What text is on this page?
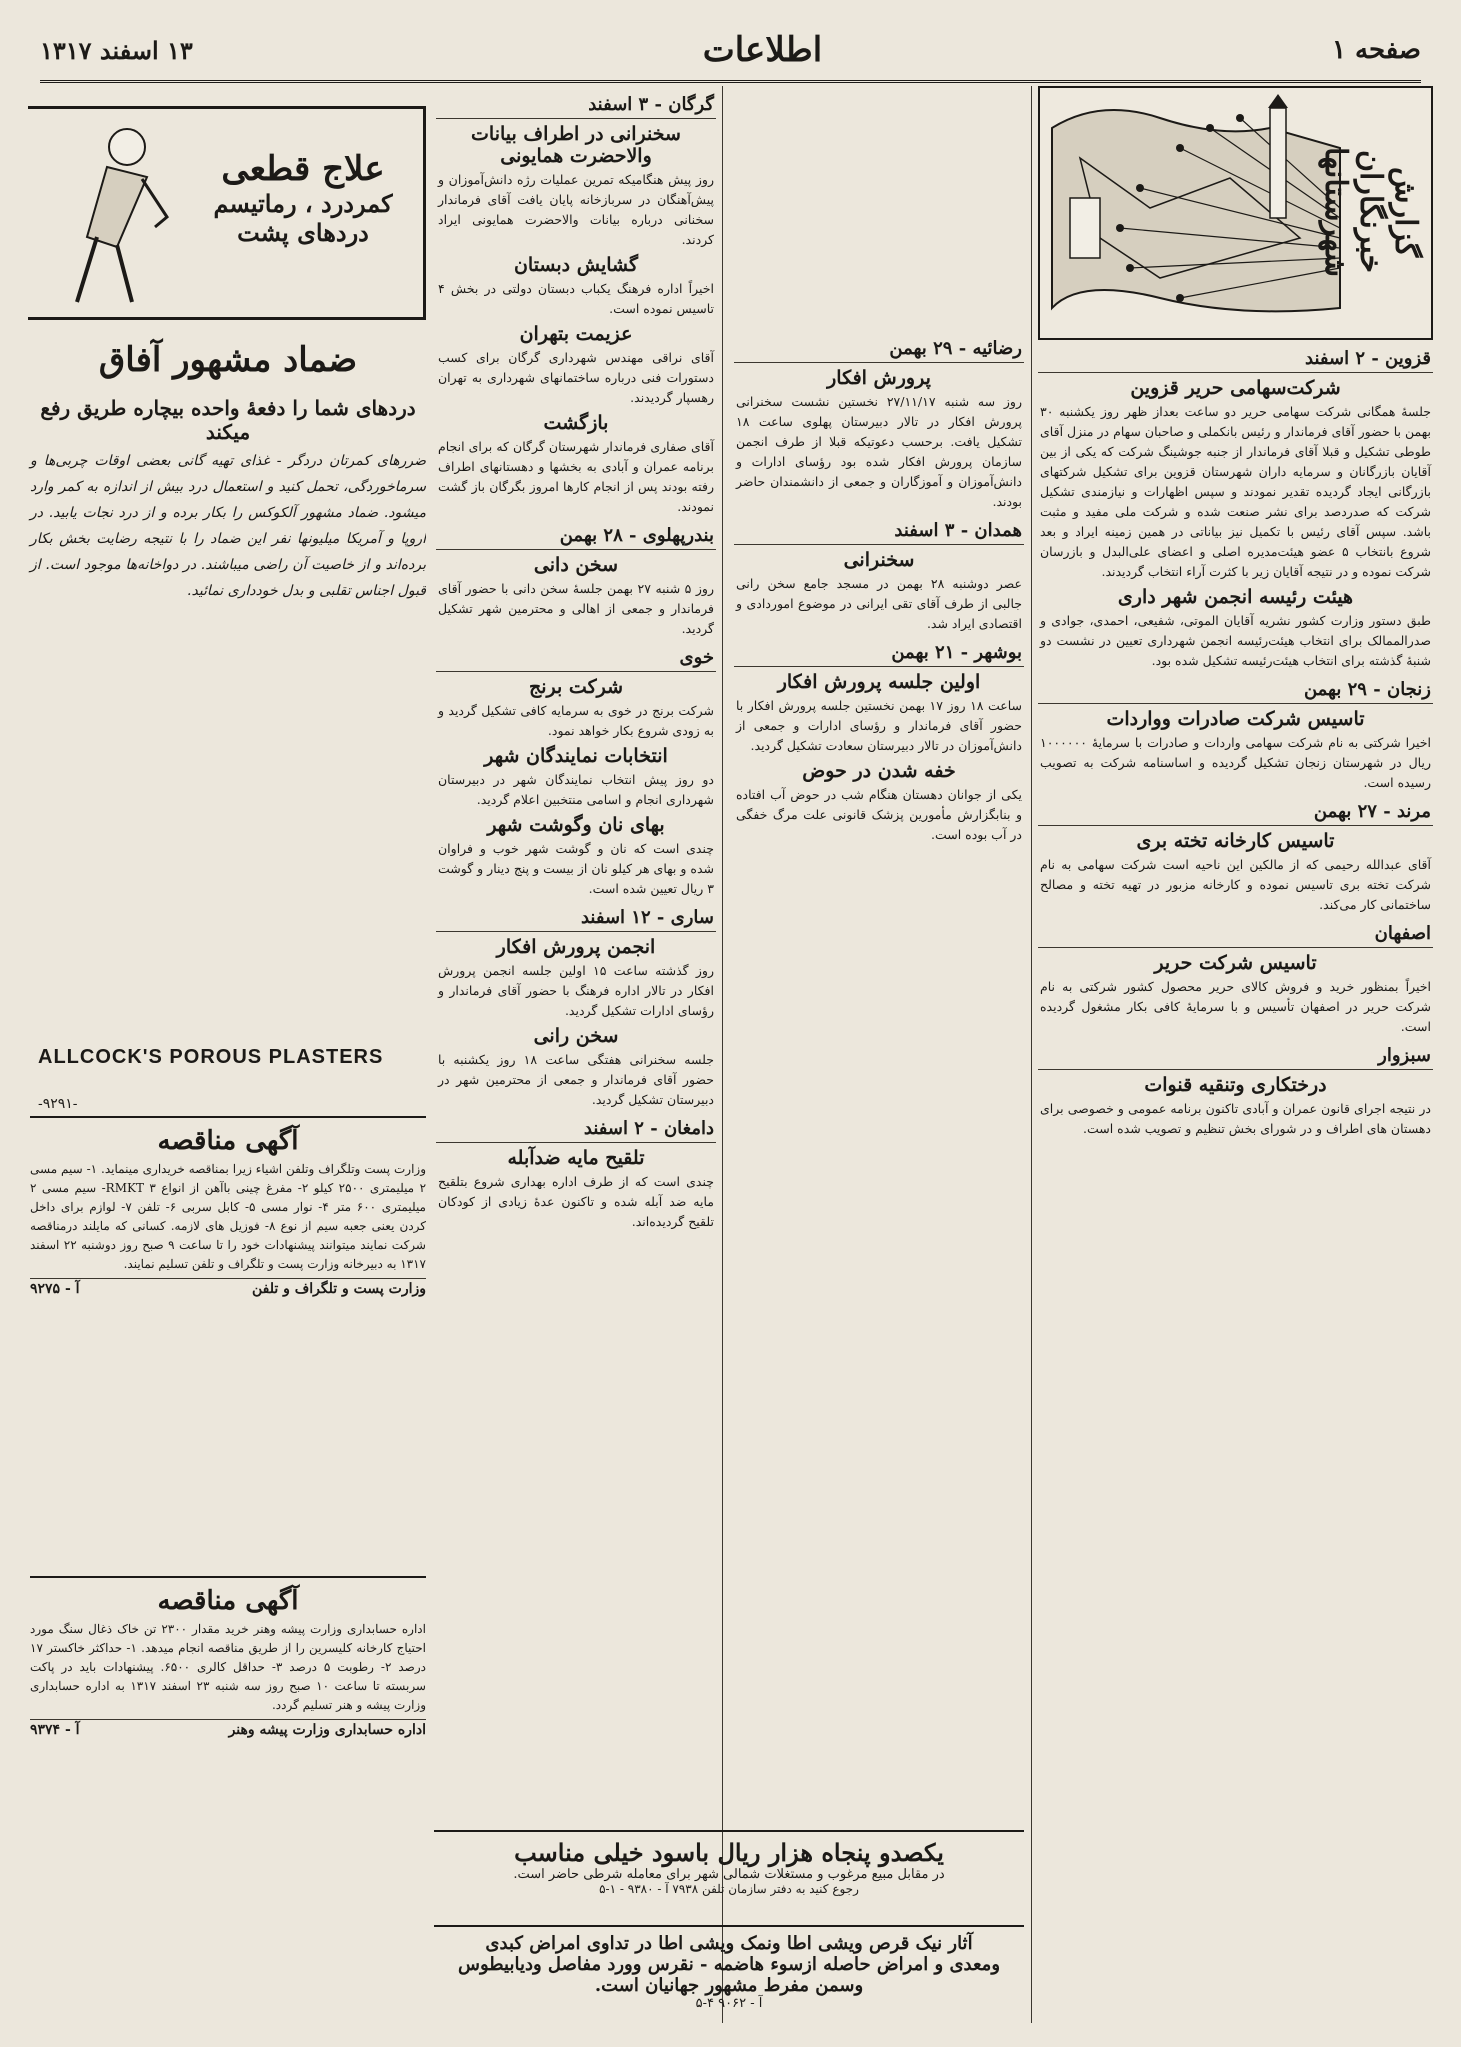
صفحه ۱
اطلاعات
۱۳ اسفند ۱۳۱۷
گزارش خبرنگاران شهرستانها
قزوین - ۲ اسفند
شرکت‌سهامی حریر قزوین
جلسهٔ همگانی شرکت سهامی حریر دو ساعت بعداز ظهر روز یکشنبه ۳۰ بهمن با حضور آقای فرماندار و رئیس بانکملی و صاحبان سهام در منزل آقای طوطی تشکیل و قبلا آقای فرماندار از جنبه جوشینگ شرکت که یکی از بین آقایان بازرگانان و سرمایه داران شهرستان قزوین برای تشکیل شرکتهای بازرگانی ایجاد گردیده تقدیر نمودند و سپس اظهارات و نیازمندی تشکیل شرکت که صدردصد برای نشر صنعت شده و شرکت ملی مفید و مثبت باشد. سپس آقای رئیس با تکمیل نیز بیاناتی در همین زمینه ایراد و بعد شروع بانتخاب ۵ عضو هیئت‌مدیره اصلی و اعضای علی‌البدل و بازرسان شرکت نموده و در نتیجه آقایان زیر با کثرت آراء انتخاب گردیدند.
هیئت رئیسه انجمن شهر داری
طبق دستور وزارت کشور نشریه آقایان الموتی، شفیعی، احمدی، جوادی و صدرالممالک برای انتخاب هیئت‌رئیسه انجمن شهرداری تعیین در نشست دو شنبهٔ گذشته برای انتخاب هیئت‌رئیسه تشکیل شده بود.
زنجان - ۲۹ بهمن
تاسیس شرکت صادرات وواردات
اخیرا شرکتی به نام شرکت سهامی واردات و صادرات با سرمایهٔ ۱۰۰۰۰۰۰ ریال در شهرستان زنجان تشکیل گردیده و اساسنامه شرکت به تصویب رسیده است.
مرند - ۲۷ بهمن
تاسیس کارخانه تخته بری
آقای عبدالله رحیمی که از مالکین این ناحیه است شرکت سهامی به نام شرکت تخته بری تاسیس نموده و کارخانه مزبور در تهیه تخته و مصالح ساختمانی کار می‌کند.
اصفهان
تاسیس شرکت حریر
اخیراً بمنظور خرید و فروش کالای حریر محصول کشور شرکتی به نام شرکت حریر در اصفهان تأسیس و با سرمایهٔ کافی بکار مشغول گردیده است.
سبزوار
درختکاری وتنقیه قنوات
در نتیجه اجرای قانون عمران و آبادی تاکنون برنامه عمومی و خصوصی برای دهستان های اطراف و در شورای بخش تنظیم و تصویب شده است.
رضائیه - ۲۹ بهمن
پرورش افکار
روز سه شنبه ۲۷/۱۱/۱۷ نخستین نشست سخنرانی پرورش افکار در تالار دبیرستان پهلوی ساعت ۱۸ تشکیل یافت. برحسب دعوتیکه قبلا از طرف انجمن سازمان پرورش افکار شده بود رؤسای ادارات و دانش‌آموزان و آموزگاران و جمعی از دانشمندان حاضر بودند.
همدان - ۳ اسفند
سخنرانی
عصر دوشنبه ۲۸ بهمن در مسجد جامع سخن رانی جالبی از طرف آقای تقی ایرانی در موضوع اموردادی و اقتصادی ایراد شد.
بوشهر - ۲۱ بهمن
اولین جلسه پرورش افکار
ساعت ۱۸ روز ۱۷ بهمن نخستین جلسه پرورش افکار با حضور آقای فرماندار و رؤسای ادارات و جمعی از دانش‌آموزان در تالار دبیرستان سعادت تشکیل گردید.
خفه شدن در حوض
یکی از جوانان دهستان هنگام شب در حوض آب افتاده و بنابگزارش مأمورین پزشک قانونی علت مرگ خفگی در آب بوده است.
گرگان - ۳ اسفند
سخنرانی در اطراف بیانات والاحضرت همایونی
روز پیش هنگامیکه تمرین عملیات رژه دانش‌آموزان و پیش‌آهنگان در سربازخانه پایان یافت آقای فرماندار سخنانی درباره بیانات والاحضرت همایونی ایراد کردند.
گشایش دبستان
اخیراً اداره فرهنگ یکباب دبستان دولتی در بخش ۴ تاسیس نموده است.
عزیمت بتهران
آقای نراقی مهندس شهرداری گرگان برای کسب دستورات فنی درباره ساختمانهای شهرداری به تهران رهسپار گردیدند.
بازگشت
آقای صفاری فرماندار شهرستان گرگان که برای انجام برنامه عمران و آبادی به بخشها و دهستانهای اطراف رفته بودند پس از انجام کارها امروز بگرگان باز گشت نمودند.
بندرپهلوی - ۲۸ بهمن
سخن دانی
روز ۵ شنبه ۲۷ بهمن جلسهٔ سخن دانی با حضور آقای فرماندار و جمعی از اهالی و محترمین شهر تشکیل گردید.
خوی
شرکت برنج
شرکت برنج در خوی به سرمایه کافی تشکیل گردید و به زودی شروع بکار خواهد نمود.
انتخابات نمایندگان شهر
دو روز پیش انتخاب نمایندگان شهر در دبیرستان شهرداری انجام و اسامی منتخبین اعلام گردید.
بهای نان وگوشت شهر
چندی است که نان و گوشت شهر خوب و فراوان شده و بهای هر کیلو نان از بیست و پنج دینار و گوشت ۳ ریال تعیین شده است.
ساری - ۱۲ اسفند
انجمن پرورش افکار
روز گذشته ساعت ۱۵ اولین جلسه انجمن پرورش افکار در تالار اداره فرهنگ با حضور آقای فرماندار و رؤسای ادارات تشکیل گردید.
سخن رانی
جلسه سخنرانی هفتگی ساعت ۱۸ روز یکشنبه با حضور آقای فرماندار و جمعی از محترمین شهر در دبیرستان تشکیل گردید.
دامغان - ۲ اسفند
تلقیح مایه ضدآبله
چندی است که از طرف اداره بهداری شروع بتلقیح مایه ضد آبله شده و تاکنون عدهٔ زیادی از کودکان تلقیح گردیده‌اند.
علاج قطعی
کمردرد ، رماتیسم
دردهای پشت
ضماد مشهور آفاق
دردهای شما را دفعهٔ واحده بیچاره طریق رفع میکند
ضررهای کمرتان دردگر - غذای تهیه گانی بعضی اوقات چربی‌ها و سرماخوردگی، تحمل کنید و استعمال درد بیش از اندازه به کمر وارد میشود. ضماد مشهور آلکوکس را بکار برده و از درد نجات یابید. در اروپا و آمریکا میلیونها نفر این ضماد را با نتیجه رضایت بخش بکار برده‌اند و از خاصیت آن راضی میباشند. در دواخانه‌ها موجود است. از قبول اجناس تقلبی و بدل خودداری نمائید.
ALLCOCK'S POROUS PLASTERS
-۹۲۹۱-
آگهی مناقصه
وزارت پست وتلگراف وتلفن اشیاء زیرا بمناقصه خریداری مینماید. ۱- سیم مسی ۲ میلیمتری ۲۵۰۰ کیلو ۲- مفرغ چینی باآهن از انواع RMKT ۳- سیم مسی ۲ میلیمتری ۶۰۰ متر ۴- نوار مسی ۵- کابل سربی ۶- تلفن ۷- لوازم برای داخل کردن یعنی جعبه سیم از نوع ۸- فوزیل های لازمه. کسانی که مایلند درمناقصه شرکت نمایند میتوانند پیشنهادات خود را تا ساعت ۹ صبح روز دوشنبه ۲۲ اسفند ۱۳۱۷ به دبیرخانه وزارت پست و تلگراف و تلفن تسلیم نمایند.
وزارت پست و تلگراف و تلفن
آ - ۹۲۷۵
آگهی مناقصه
اداره حسابداری وزارت پیشه وهنر خرید مقدار ۲۳۰۰ تن خاک ذغال سنگ مورد احتیاج کارخانه کلیسرین را از طریق مناقصه انجام میدهد. ۱- حداکثر خاکستر ۱۷ درصد ۲- رطوبت ۵ درصد ۳- حداقل کالری ۶۵۰۰. پیشنهادات باید در پاکت سربسته تا ساعت ۱۰ صبح روز سه شنبه ۲۳ اسفند ۱۳۱۷ به اداره حسابداری وزارت پیشه و هنر تسلیم گردد.
اداره حسابداری وزارت پیشه وهنر
آ - ۹۳۷۴
یکصدو پنجاه هزار ریال باسود خیلی مناسب
در مقابل مبیع مرغوب و مستغلات شمالی شهر برای معامله شرطی حاضر است.
رجوع کنید به دفتر سازمان تلفن ۷۹۳۸ آ - ۹۳۸۰ - ۱-۵
آثار نیک قرص ویشی اطا ونمک ویشی اطا در تداوی امراض کبدی
ومعدی و امراض حاصله ازسوء هاضمه - نقرس وورد مفاصل ودیابیطوس
وسمن مفرط مشهور جهانیان است.
آ - ۹۰۶۲ ۴-۵
